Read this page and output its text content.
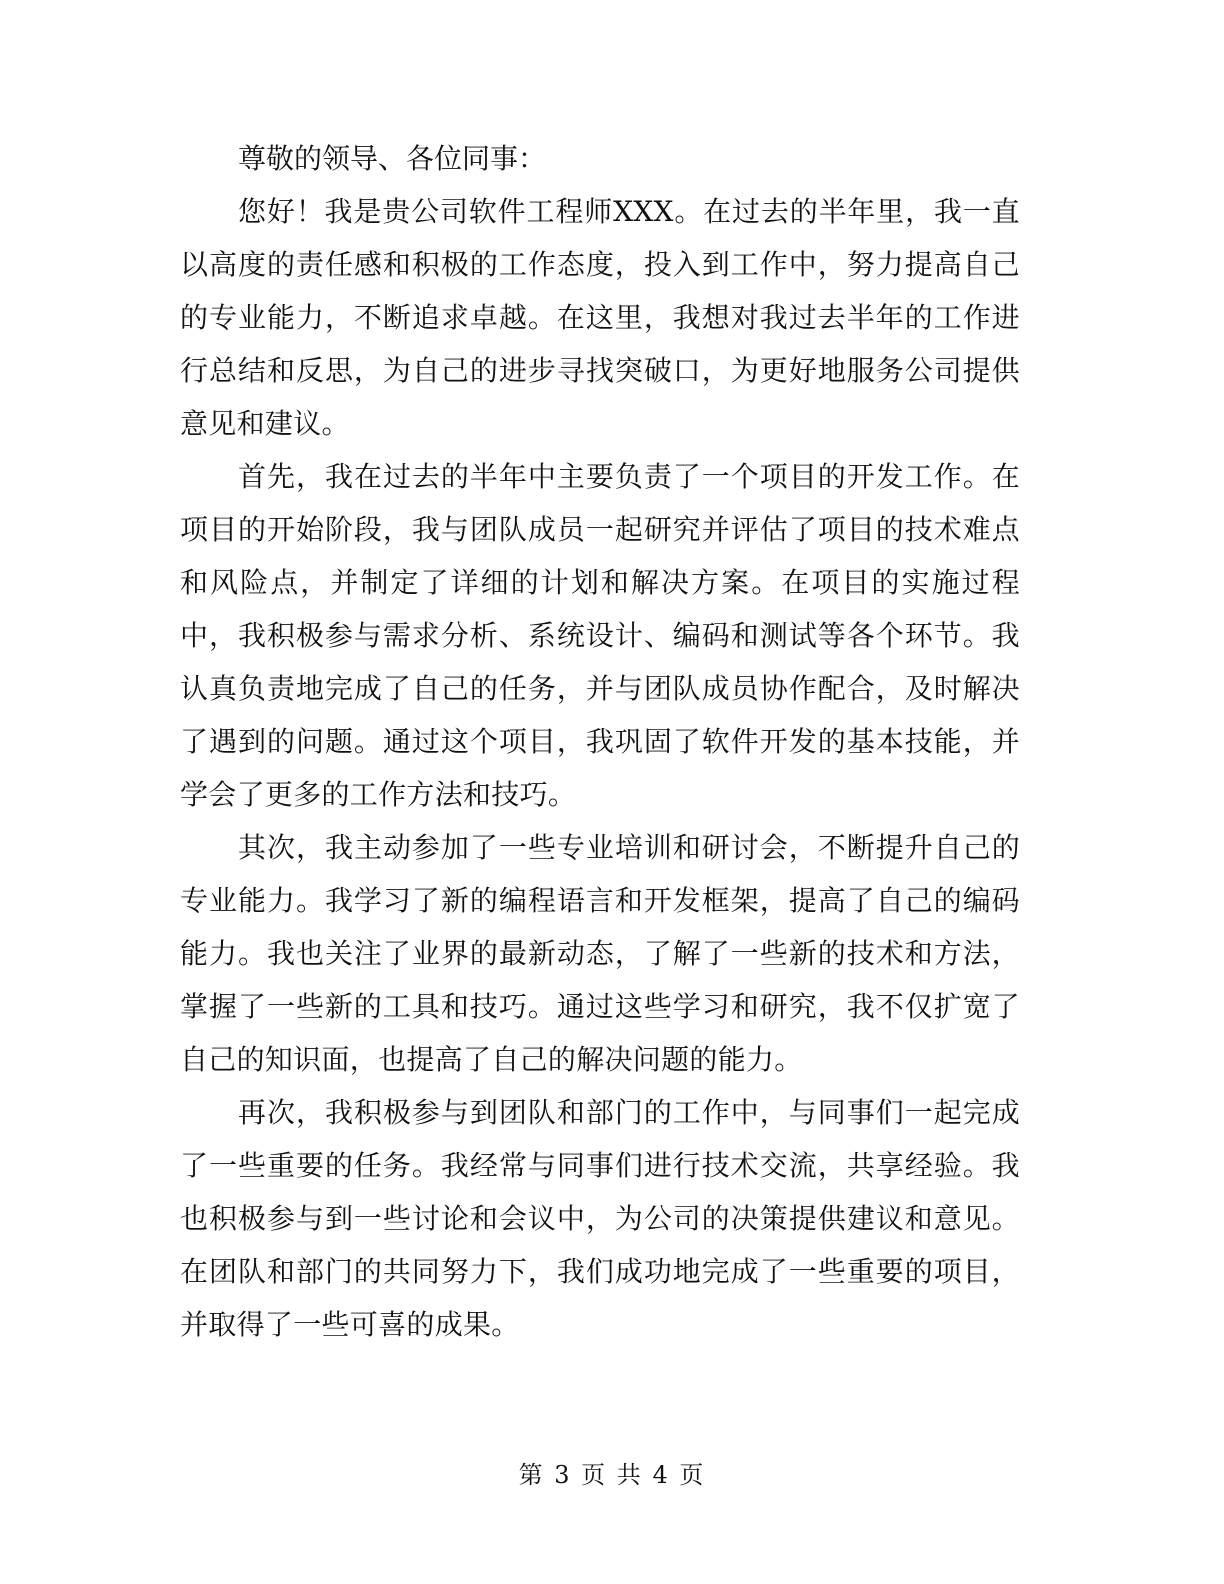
尊敬的领导、各位同事：

您好！我是贵公司软件工程师XXX。在过去的半年里，我一直以高度的责任感和积极的工作态度，投入到工作中，努力提高自己的专业能力，不断追求卓越。在这里，我想对我过去半年的工作进行总结和反思，为自己的进步寻找突破口，为更好地服务公司提供意见和建议。

首先，我在过去的半年中主要负责了一个项目的开发工作。在项目的开始阶段，我与团队成员一起研究并评估了项目的技术难点和风险点，并制定了详细的计划和解决方案。在项目的实施过程中，我积极参与需求分析、系统设计、编码和测试等各个环节。我认真负责地完成了自己的任务，并与团队成员协作配合，及时解决了遇到的问题。通过这个项目，我巩固了软件开发的基本技能，并学会了更多的工作方法和技巧。

其次，我主动参加了一些专业培训和研讨会，不断提升自己的专业能力。我学习了新的编程语言和开发框架，提高了自己的编码能力。我也关注了业界的最新动态，了解了一些新的技术和方法，掌握了一些新的工具和技巧。通过这些学习和研究，我不仅扩宽了自己的知识面，也提高了自己的解决问题的能力。

再次，我积极参与到团队和部门的工作中，与同事们一起完成了一些重要的任务。我经常与同事们进行技术交流，共享经验。我也积极参与到一些讨论和会议中，为公司的决策提供建议和意见。在团队和部门的共同努力下，我们成功地完成了一些重要的项目，并取得了一些可喜的成果。

第 3 页 共 4 页
